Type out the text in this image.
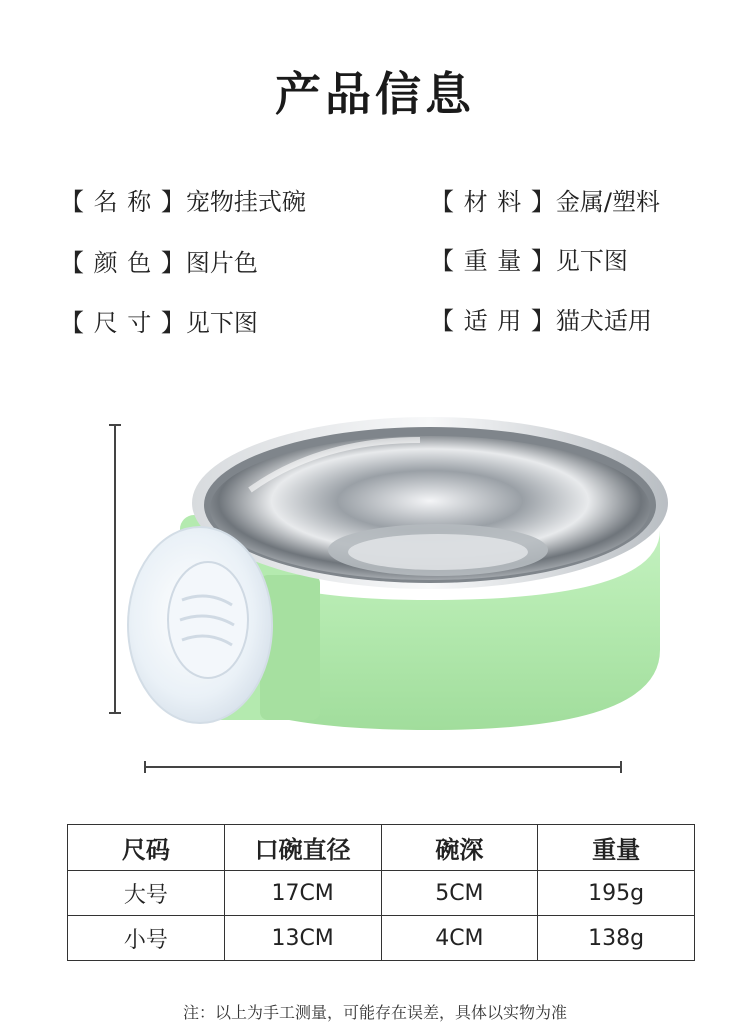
产品信息
【 名 称 】宠物挂式碗
【 颜 色 】图片色
【 尺 寸 】见下图
【 材 料 】金属/塑料
【 重 量 】见下图
【 适 用 】猫犬适用
尺码	口碗直径	碗深	重量
大号	17CM	5CM	195g
小号	13CM	4CM	138g
注：以上为手工测量，可能存在误差，具体以实物为准
